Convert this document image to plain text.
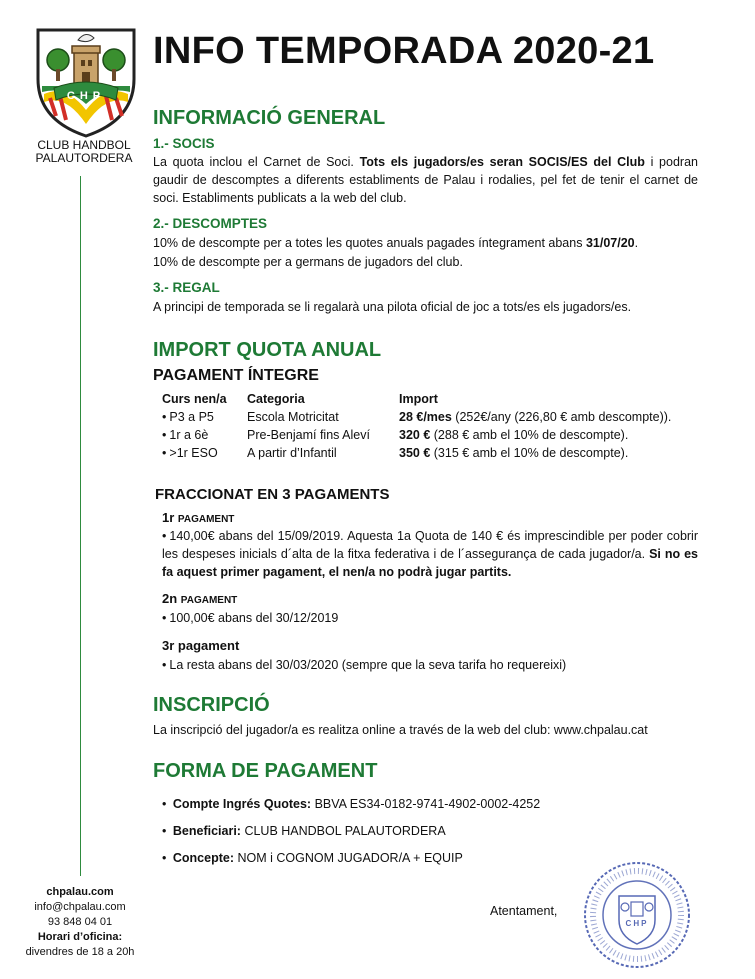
CHP
CLUB HANDBOL
PALAUTORDERA
INFO TEMPORADA 2020-21
INFORMACIÓ GENERAL
1.- SOCIS
La quota inclou el Carnet de Soci. Tots els jugadors/es seran SOCIS/ES del Club i podran gaudir de descomptes a diferents establiments de Palau i rodalies, pel fet de tenir el carnet de soci. Establiments publicats a la web del club.
2.- DESCOMPTES
10% de descompte per a totes les quotes anuals pagades íntegrament abans 31/07/20.
10% de descompte per a germans de jugadors del club.
3.- REGAL
A principi de temporada se li regalarà una pilota oficial de joc a tots/es els jugadors/es.
IMPORT QUOTA ANUAL
PAGAMENT ÍNTEGRE
Curs nen/a	Categoria	Import
• P3 a P5	Escola Motricitat	28 €/mes (252€/any (226,80 € amb descompte)).
• 1r a 6è	Pre-Benjamí fins Aleví	320 € (288 € amb el 10% de descompte).
• >1r ESO	A partir d’Infantil	350 € (315 € amb el 10% de descompte).
FRACCIONAT EN 3 PAGAMENTS
1r PAGAMENT
• 140,00€ abans del 15/09/2019. Aquesta 1a Quota de 140 € és imprescindible per poder cobrir les despeses inicials d´alta de la fitxa federativa i de l´assegurança de cada jugador/a. Si no es fa aquest primer pagament, el nen/a no podrà jugar partits.
2n PAGAMENT
• 100,00€ abans del 30/12/2019
3r pagament
• La resta abans del 30/03/2020 (sempre que la seva tarifa ho requereixi)
INSCRIPCIÓ
La inscripció del jugador/a es realitza online a través de la web del club: www.chpalau.cat
FORMA DE PAGAMENT
• Compte Ingrés Quotes: BBVA ES34-0182-9741-4902-0002-4252
• Beneficiari: CLUB HANDBOL PALAUTORDERA
• Concepte: NOM i COGNOM JUGADOR/A + EQUIP
chpalau.com
info@chpalau.com
93 848 04 01
Horari d’oficina:
divendres de 18 a 20h
Atentament,
CHP
